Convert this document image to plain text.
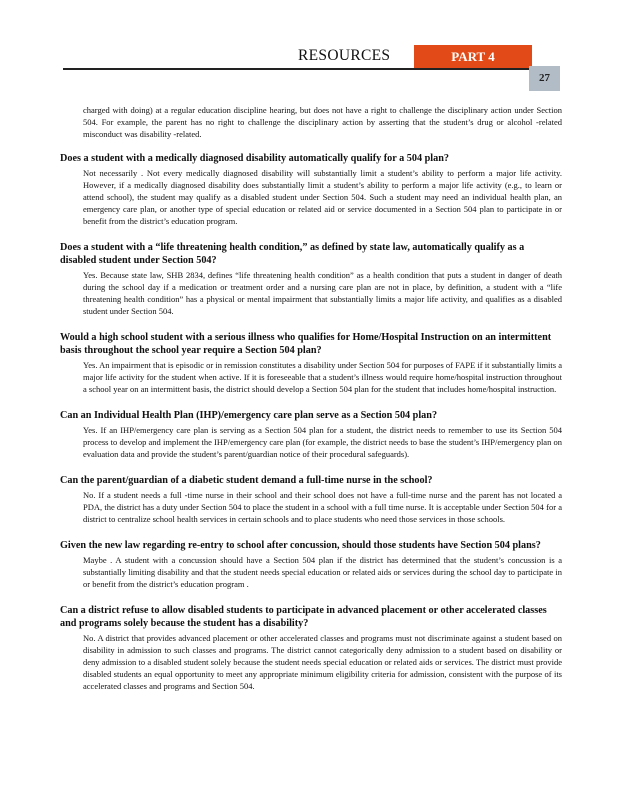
RESOURCES	PART 4
27

charged with doing) at a regular education discipline hearing, but does not have a right to challenge the disciplinary action under Section 504. For example, the parent has no right to challenge the disciplinary action by asserting that the student’s drug or alcohol -related misconduct was disability -related.

Does a student with a medically diagnosed disability automatically qualify for a 504 plan?

Not necessarily . Not every medically diagnosed disability will substantially limit a student’s ability to perform a major life activity. However, if a medically diagnosed disability does substantially limit a student’s ability to perform a major life activity (e.g., to learn or attend school), the student may qualify as a disabled student under Section 504. Such a student may need an individual health plan, an emergency care plan, or another type of special education or related aid or service documented in a Section 504 plan to participate in or benefit from the district’s education program.

Does a student with a “life threatening health condition,” as defined by state law, automatically qualify as a disabled student under Section 504?

Yes. Because state law, SHB 2834, defines “life threatening health condition” as a health condition that puts a student in danger of death during the school day if a medication or treatment order and a nursing care plan are not in place, by definition, a student with a “life threatening health condition” has a physical or mental impairment that substantially limits a major life activity, and qualifies as a disabled student under Section 504.

Would a high school student with a serious illness who qualifies for Home/Hospital Instruction on an intermittent basis throughout the school year require a Section 504 plan?

Yes. An impairment that is episodic or in remission constitutes a disability under Section 504 for purposes of FAPE if it substantially limits a major life activity for the student when active. If it is foreseeable that a student’s illness would require home/hospital instruction throughout a school year on an intermittent basis, the district should develop a Section 504 plan for the student that includes home/hospital instruction.

Can an Individual Health Plan (IHP)/emergency care plan serve as a Section 504 plan?

Yes. If an IHP/emergency care plan is serving as a Section 504 plan for a student, the district needs to remember to use its Section 504 process to develop and implement the IHP/emergency care plan (for example, the district needs to base the student’s IHP/emergency plan on evaluation data and provide the student’s parent/guardian notice of their procedural safeguards).

Can the parent/guardian of a diabetic student demand a full-time nurse in the school?

No. If a student needs a full -time nurse in their school and their school does not have a full-time nurse and the parent has not located a PDA, the district has a duty under Section 504 to place the student in a school with a full time nurse. It is acceptable under Section 504 for a district to centralize school health services in certain schools and to place students who need those services in those schools.

Given the new law regarding re-entry to school after concussion, should those students have Section 504 plans?

Maybe . A student with a concussion should have a Section 504 plan if the district has determined that the student’s concussion is a substantially limiting disability and that the student needs special education or related aids or services during the school day to participate in or benefit from the district’s education program .

Can a district refuse to allow disabled students to participate in advanced placement or other accelerated classes and programs solely because the student has a disability?

No. A district that provides advanced placement or other accelerated classes and programs must not discriminate against a student based on disability in admission to such classes and programs. The district cannot categorically deny admission to a student based on disability or deny admission to a disabled student solely because the student needs special education or related aids or services. The district must provide disabled students an equal opportunity to meet any appropriate minimum eligibility criteria for admission, consistent with the purpose of its accelerated classes and programs and Section 504.
